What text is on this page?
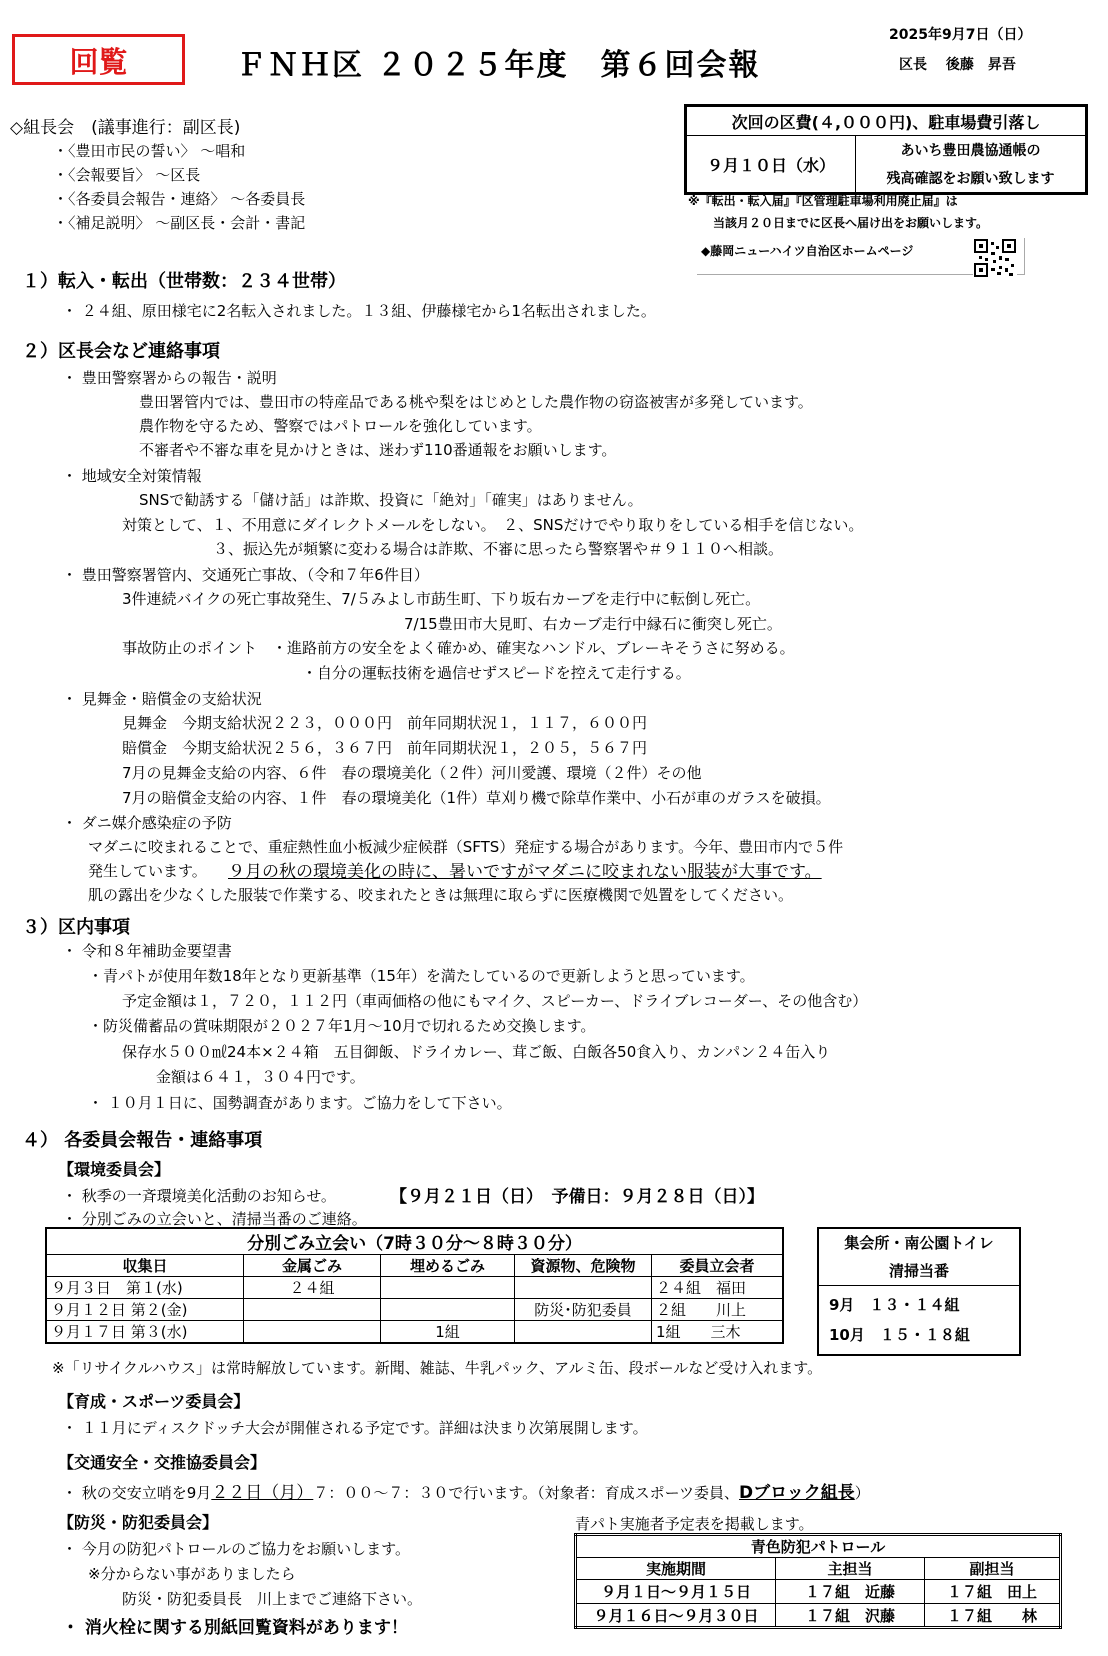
回覧	ＦＮＨ区 ２０２５年度　第６回会報
2025年9月7日（日）
区長　 後藤　昇吾
次回の区費(４,０００円)、駐車場費引落し
９月１０日（水）	あいち豊田農協通帳の
残高確認をお願い致します
※『転出・転入届』『区管理駐車場利用廃止届』は
当該月２０日までに区長へ届け出をお願いします。
◆藤岡ニューハイツ自治区ホームページ
◇組長会　(議事進行：副区長)
・〈豊田市民の誓い〉 ～唱和
・〈会報要旨〉 ～区長
・〈各委員会報告・連絡〉 ～各委員長
・〈補足説明〉 ～副区長・会計・書記
１）転入・転出（世帯数：２３４世帯）
・ ２４組、原田様宅に2名転入されました。１３組、伊藤様宅から1名転出されました。
２）区長会など連絡事項
・ 豊田警察署からの報告・説明
豊田署管内では、豊田市の特産品である桃や梨をはじめとした農作物の窃盗被害が多発しています。
農作物を守るため、警察ではパトロールを強化しています。
不審者や不審な車を見かけときは、迷わず110番通報をお願いします。
・ 地域安全対策情報
SNSで勧誘する「儲け話」は詐欺、投資に「絶対」「確実」はありません。
対策として、１、不用意にダイレクトメールをしない。　２、SNSだけでやり取りをしている相手を信じない。
３、振込先が頻繁に変わる場合は詐欺、不審に思ったら警察署や＃９１１０へ相談。
・ 豊田警察署管内、交通死亡事故、（令和７年6件目）
3件連続バイクの死亡事故発生、7/５みよし市莇生町、下り坂右カーブを走行中に転倒し死亡。
7/15豊田市大見町、右カーブ走行中縁石に衝突し死亡。
事故防止のポイント　・進路前方の安全をよく確かめ、確実なハンドル、ブレーキそうさに努める。
・自分の運転技術を過信せずスピードを控えて走行する。
・ 見舞金・賠償金の支給状況
見舞金　今期支給状況２２３，０００円　前年同期状況１，１１７，６００円
賠償金　今期支給状況２５６，３６７円　前年同期状況１，２０５，５６７円
7月の見舞金支給の内容、６件　春の環境美化（２件）河川愛護、環境（２件）その他
7月の賠償金支給の内容、１件　春の環境美化（1件）草刈り機で除草作業中、小石が車のガラスを破損。
・ ダニ媒介感染症の予防
マダニに咬まれることで、重症熱性血小板減少症候群（SFTS）発症する場合があります。今年、豊田市内で５件
発生しています。 ９月の秋の環境美化の時に、暑いですがマダニに咬まれない服装が大事です。
肌の露出を少なくした服装で作業する、咬まれたときは無理に取らずに医療機関で処置をしてください。
３）区内事項
・ 令和８年補助金要望書
・青パトが使用年数18年となり更新基準（15年）を満たしているので更新しようと思っています。
予定金額は１，７２０，１１２円（車両価格の他にもマイク、スピーカー、ドライブレコーダー、その他含む）
・防災備蓄品の賞味期限が２０２７年1月～10月で切れるため交換します。
保存水５００㎖24本×２４箱　五目御飯、ドライカレー、茸ご飯、白飯各50食入り、カンパン２４缶入り
金額は６４１，３０４円です。
・ １０月１日に、国勢調査があります。ご協力をして下さい。
４） 各委員会報告・連絡事項
【環境委員会】
・ 秋季の一斉環境美化活動のお知らせ。	【９月２１日（日）　予備日：９月２８日（日）】
・ 分別ごみの立会いと、清掃当番のご連絡。
分別ごみ立会い（7時３０分～８時３０分）				
収集日	金属ごみ	埋めるごみ	資源物、危険物	委員立会者
９月３日　第１(水)	２４組			２４組　福田
９月１２日 第２(金)			防災･防犯委員	２組　　川上
９月１７日 第３(水)		1組		1組　　三木
集会所・南公園トイレ
清掃当番

9月　１３・１４組
10月　１５・１８組
※「リサイクルハウス」は常時解放しています。新聞、雑誌、牛乳パック、アルミ缶、段ボールなど受け入れます。
【育成・スポーツ委員会】
・ １１月にディスクドッチ大会が開催される予定です。詳細は決まり次第展開します。
【交通安全・交推協委員会】
・ 秋の交安立哨を9月２２日（月）７：００～７：３０で行います。（対象者：育成スポーツ委員、Dブロック組長）
【防災・防犯委員会】
・ 今月の防犯パトロールのご協力をお願いします。
※分からない事がありましたら
防災・防犯委員長　川上までご連絡下さい。
・ 消火栓に関する別紙回覧資料があります！
青パト実施者予定表を掲載します。
青色防犯パトロール		
実施期間	主担当	副担当
９月１日～９月１５日	１７組　近藤	１７組　田上
９月１６日～９月３０日	１７組　沢藤	１７組　　林
